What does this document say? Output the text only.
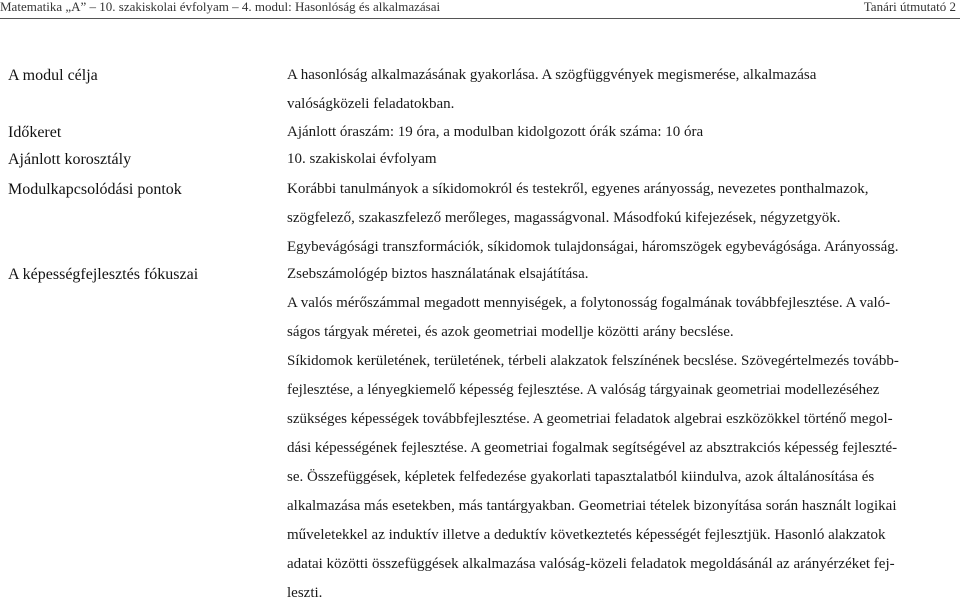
Matematika „A” – 10. szakiskolai évfolyam – 4. modul: Hasonlóság és alkalmazásai	Tanári útmutató 2
A modul célja	A hasonlóság alkalmazásának gyakorlása. A szögfüggvények megismerése, alkalmazása
valóságközeli feladatokban.
Időkeret	Ajánlott óraszám: 19 óra, a modulban kidolgozott órák száma: 10 óra
Ajánlott korosztály	10. szakiskolai évfolyam
Modulkapcsolódási pontok	Korábbi tanulmányok a síkidomokról és testekről, egyenes arányosság, nevezetes ponthalmazok,
szögfelező, szakaszfelező merőleges, magasságvonal. Másodfokú kifejezések, négyzetgyök.
Egybevágósági transzformációk, síkidomok tulajdonságai, háromszögek egybevágósága. Arányosság.
A képességfejlesztés fókuszai	Zsebszámológép biztos használatának elsajátítása.
A valós mérőszámmal megadott mennyiségek, a folytonosság fogalmának továbbfejlesztése. A való-
ságos tárgyak méretei, és azok geometriai modellje közötti arány becslése.
Síkidomok kerületének, területének, térbeli alakzatok felszínének becslése. Szövegértelmezés tovább-
fejlesztése, a lényegkiemelő képesség fejlesztése. A valóság tárgyainak geometriai modellezéséhez
szükséges képességek továbbfejlesztése. A geometriai feladatok algebrai eszközökkel történő megol-
dási képességének fejlesztése. A geometriai fogalmak segítségével az absztrakciós képesség fejleszté-
se. Összefüggések, képletek felfedezése gyakorlati tapasztalatból kiindulva, azok általánosítása és
alkalmazása más esetekben, más tantárgyakban. Geometriai tételek bizonyítása során használt logikai
műveletekkel az induktív illetve a deduktív következtetés képességét fejlesztjük. Hasonló alakzatok
adatai közötti összefüggések alkalmazása valóság-közeli feladatok megoldásánál az arányérzéket fej-
leszti.
